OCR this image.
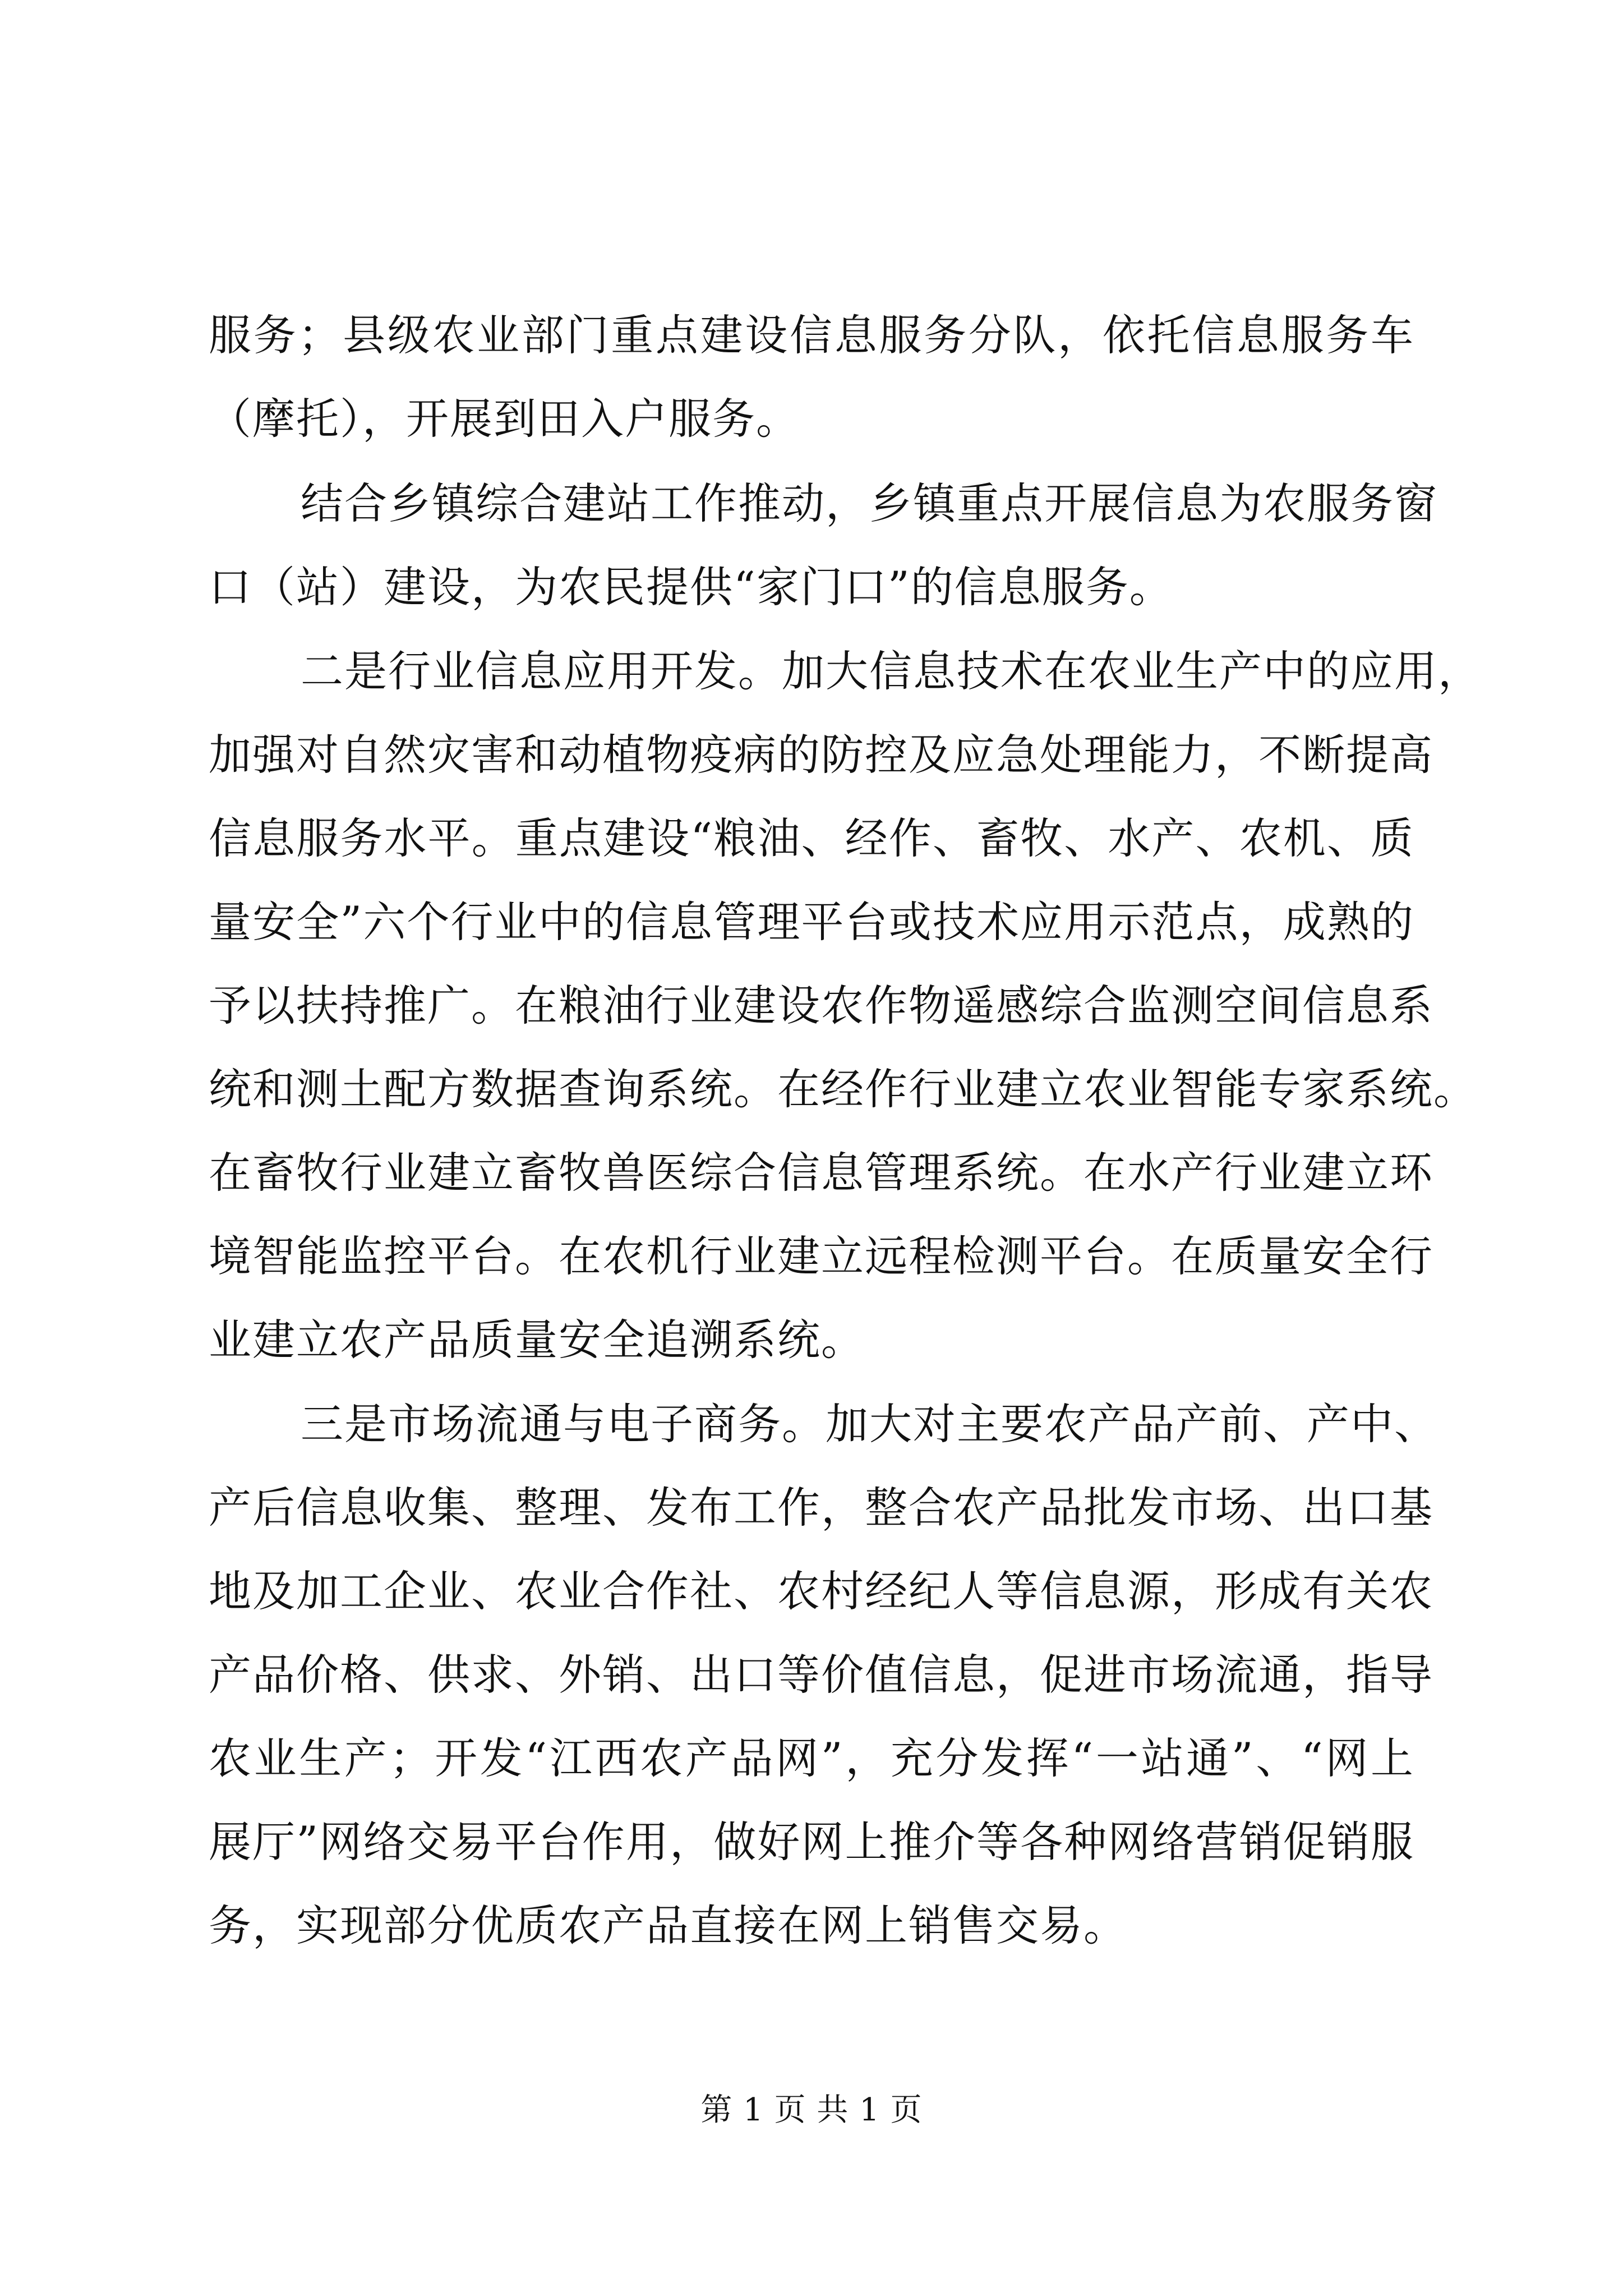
服务；县级农业部门重点建设信息服务分队，依托信息服务车
（摩托），开展到田入户服务。
结合乡镇综合建站工作推动，乡镇重点开展信息为农服务窗
口（站）建设，为农民提供“家门口”的信息服务。
二是行业信息应用开发。加大信息技术在农业生产中的应用，
加强对自然灾害和动植物疫病的防控及应急处理能力，不断提高
信息服务水平。重点建设“粮油、经作、畜牧、水产、农机、质
量安全”六个行业中的信息管理平台或技术应用示范点，成熟的
予以扶持推广。在粮油行业建设农作物遥感综合监测空间信息系
统和测土配方数据查询系统。在经作行业建立农业智能专家系统。
在畜牧行业建立畜牧兽医综合信息管理系统。在水产行业建立环
境智能监控平台。在农机行业建立远程检测平台。在质量安全行
业建立农产品质量安全追溯系统。
三是市场流通与电子商务。加大对主要农产品产前、产中、
产后信息收集、整理、发布工作，整合农产品批发市场、出口基
地及加工企业、农业合作社、农村经纪人等信息源，形成有关农
产品价格、供求、外销、出口等价值信息，促进市场流通，指导
农业生产；开发“江西农产品网”，充分发挥“一站通”、“网上
展厅”网络交易平台作用，做好网上推介等各种网络营销促销服
务，实现部分优质农产品直接在网上销售交易。
第 1 页 共 1 页
